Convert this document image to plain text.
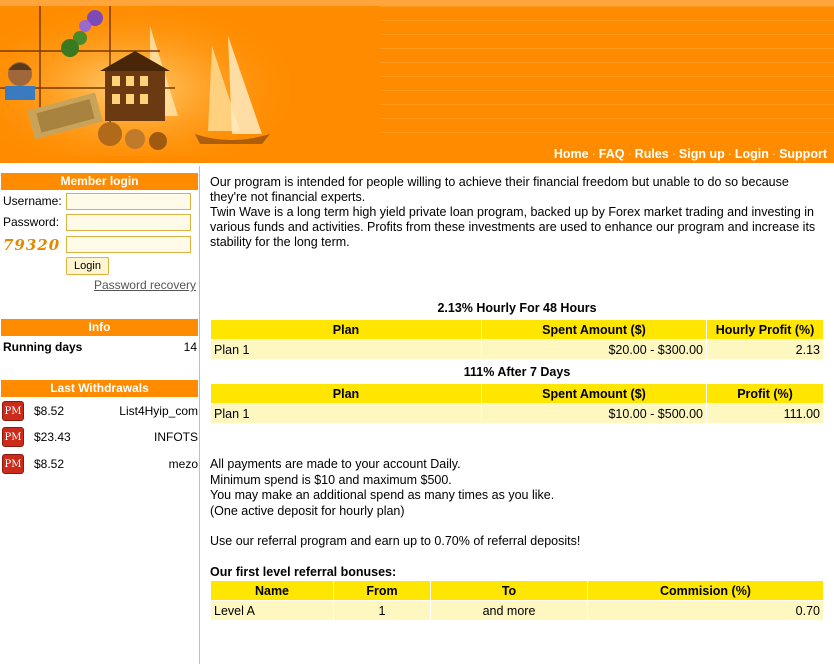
Home · FAQ · Rules · Sign up · Login · Support
Member login
Username:
Password:
79320
Login
Password recovery
Info
Running days	14
Last Withdrawals
PM $8.52	List4Hyip_com
PM $23.43	INFOTS
PM $8.52	mezo

Our program is intended for people willing to achieve their financial freedom but unable to do so because they're not financial experts.

Twin Wave is a long term high yield private loan program, backed up by Forex market trading and investing in various funds and activities. Profits from these investments are used to enhance our program and increase its stability for the long term.

2.13% Hourly For 48 Hours
Plan	Spent Amount ($)	Hourly Profit (%)
Plan 1	$20.00 - $300.00	2.13
111% After 7 Days
Plan	Spent Amount ($)	Profit (%)
Plan 1	$10.00 - $500.00	111.00

All payments are made to your account Daily.

Minimum spend is $10 and maximum $500.

You may make an additional spend as many times as you like.

(One active deposit for hourly plan)

Use our referral program and earn up to 0.70% of referral deposits!

Our first level referral bonuses:
Name	From	To	Commision (%)
Level A	1	and more	0.70
